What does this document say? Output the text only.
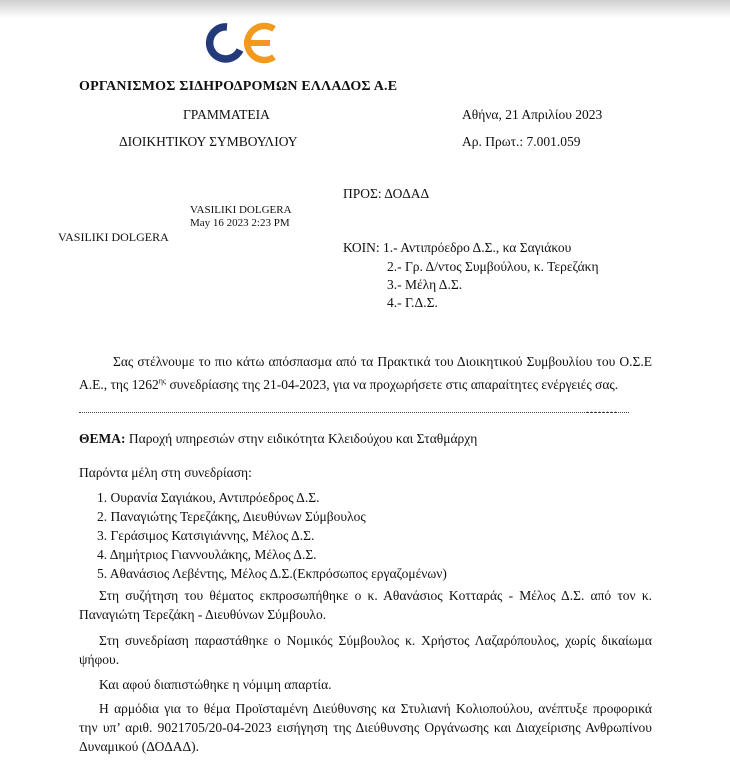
ΟΡΓΑΝΙΣΜΟΣ ΣΙΔΗΡΟΔΡΟΜΩΝ ΕΛΛΑΔΟΣ Α.Ε
ΓΡΑΜΜΑΤΕΙΑ
ΔΙΟΙΚΗΤΙΚΟΥ ΣΥΜΒΟΥΛΙΟΥ
Αθήνα, 21 Απριλίου 2023
Αρ. Πρωτ.: 7.001.059
ΠΡΟΣ: ΔΟΔΑΔ
VASILIKI DOLGERA
May 16 2023 2:23 PM
VASILIKI DOLGERA
ΚΟΙΝ: 1.- Αντιπρόεδρο Δ.Σ., κα Σαγιάκου
2.- Γρ. Δ/ντος Συμβούλου, κ. Τερεζάκη
3.- Μέλη Δ.Σ.
4.- Γ.Δ.Σ.
Σας στέλνουμε το πιο κάτω απόσπασμα από τα Πρακτικά του Διοικητικού Συμβουλίου του Ο.Σ.Ε Α.Ε., της $1262^{\eta\varsigma}$ συνεδρίασης της 21-04-2023, για να προχωρήσετε στις απαραίτητες ενέργειές σας.
........
ΘΕΜΑ: Παροχή υπηρεσιών στην ειδικότητα Κλειδούχου και Σταθμάρχη
Παρόντα μέλη στη συνεδρίαση:
1. Ουρανία Σαγιάκου, Αντιπρόεδρος Δ.Σ.
2. Παναγιώτης Τερεζάκης, Διευθύνων Σύμβουλος
3. Γεράσιμος Κατσιγιάννης, Μέλος Δ.Σ.
4. Δημήτριος Γιαννουλάκης, Μέλος Δ.Σ.
5. Αθανάσιος Λεβέντης, Μέλος Δ.Σ.(Εκπρόσωπος εργαζομένων)
Στη συζήτηση του θέματος εκπροσωπήθηκε ο κ. Αθανάσιος Κοτταράς - Μέλος Δ.Σ. από τον κ. Παναγιώτη Τερεζάκη - Διευθύνων Σύμβουλο.
Στη συνεδρίαση παραστάθηκε ο Νομικός Σύμβουλος κ. Χρήστος Λαζαρόπουλος, χωρίς δικαίωμα ψήφου.
Και αφού διαπιστώθηκε η νόμιμη απαρτία.
Η αρμόδια για το θέμα Προϊσταμένη Διεύθυνσης κα Στυλιανή Κολιοπούλου, ανέπτυξε προφορικά την υπ’ αριθ. 9021705/20-04-2023 εισήγηση της Διεύθυνσης Οργάνωσης και Διαχείρισης Ανθρωπίνου Δυναμικού (ΔΟΔΑΔ).
